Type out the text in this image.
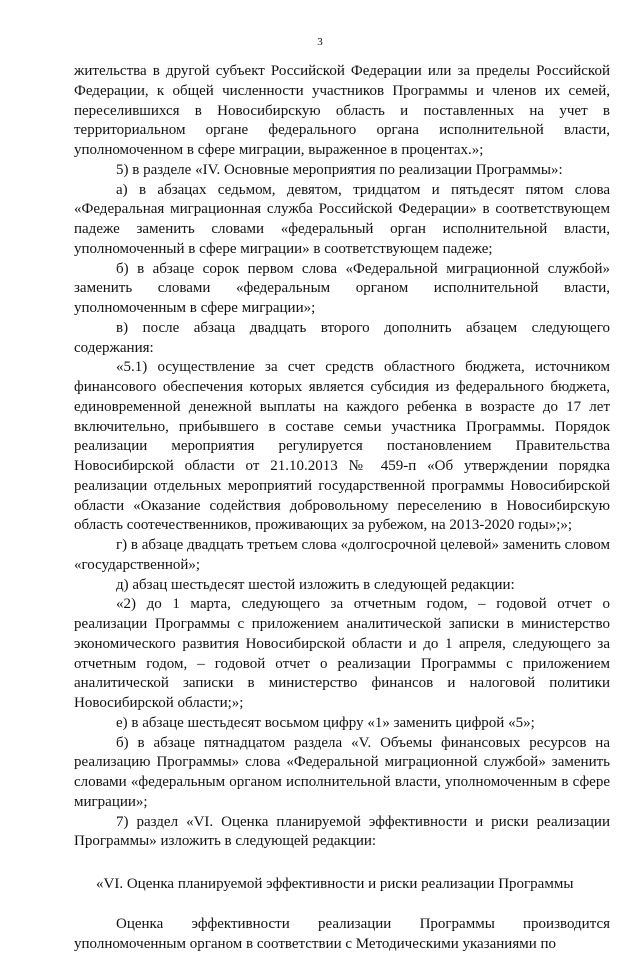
3

жительства в другой субъект Российской Федерации или за пределы Российской Федерации, к общей численности участников Программы и членов их семей, переселившихся в Новосибирскую область и поставленных на учет в территориальном органе федерального органа исполнительной власти, уполномоченном в сфере миграции, выраженное в процентах.»;

5) в разделе «IV. Основные мероприятия по реализации Программы»:

а) в абзацах седьмом, девятом, тридцатом и пятьдесят пятом слова «Федеральная миграционная служба Российской Федерации» в соответствующем падеже заменить словами «федеральный орган исполнительной власти, уполномоченный в сфере миграции» в соответствующем падеже;

б) в абзаце сорок первом слова «Федеральной миграционной службой» заменить словами «федеральным органом исполнительной власти, уполномоченным в сфере миграции»;

в) после абзаца двадцать второго дополнить абзацем следующего содержания:

«5.1) осуществление за счет средств областного бюджета, источником финансового обеспечения которых является субсидия из федерального бюджета, единовременной денежной выплаты на каждого ребенка в возрасте до 17 лет включительно, прибывшего в составе семьи участника Программы. Порядок реализации мероприятия регулируется постановлением Правительства Новосибирской области от 21.10.2013 № 459-п «Об утверждении порядка реализации отдельных мероприятий государственной программы Новосибирской области «Оказание содействия добровольному переселению в Новосибирскую область соотечественников, проживающих за рубежом, на 2013-2020 годы»;»;

г) в абзаце двадцать третьем слова «долгосрочной целевой» заменить словом «государственной»;

д) абзац шестьдесят шестой изложить в следующей редакции:

«2) до 1 марта, следующего за отчетным годом, – годовой отчет о реализации Программы с приложением аналитической записки в министерство экономического развития Новосибирской области и до 1 апреля, следующего за отчетным годом, – годовой отчет о реализации Программы с приложением аналитической записки в министерство финансов и налоговой политики Новосибирской области;»;

е) в абзаце шестьдесят восьмом цифру «1» заменить цифрой «5»;

б) в абзаце пятнадцатом раздела «V. Объемы финансовых ресурсов на реализацию Программы» слова «Федеральной миграционной службой» заменить словами «федеральным органом исполнительной власти, уполномоченным в сфере миграции»;

7) раздел «VI. Оценка планируемой эффективности и риски реализации Программы» изложить в следующей редакции:

«VI. Оценка планируемой эффективности и риски реализации Программы

Оценка эффективности реализации Программы производится уполномоченным органом в соответствии с Методическими указаниями по
